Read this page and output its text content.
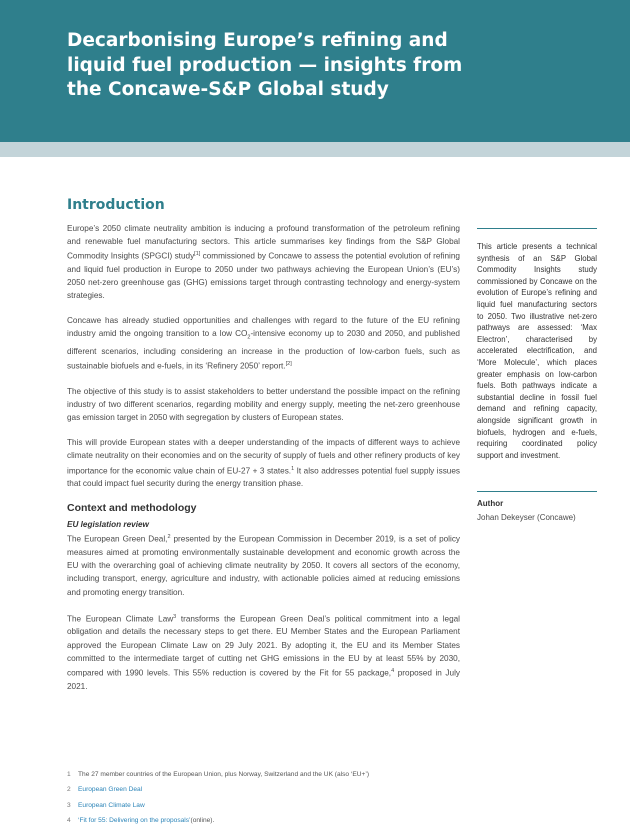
Decarbonising Europe’s refining and liquid fuel production — insights from the Concawe-S&P Global study
Introduction

Europe’s 2050 climate neutrality ambition is inducing a profound transformation of the petroleum refining and renewable fuel manufacturing sectors. This article summarises key findings from the S&P Global Commodity Insights (SPGCI) study[1] commissioned by Concawe to assess the potential evolution of refining and liquid fuel production in Europe to 2050 under two pathways achieving the European Union’s (EU’s) 2050 net-zero greenhouse gas (GHG) emissions target through contrasting technology and energy-system strategies.

Concawe has already studied opportunities and challenges with regard to the future of the EU refining industry amid the ongoing transition to a low $CO_2$-intensive economy up to 2030 and 2050, and published different scenarios, including considering an increase in the production of low-carbon fuels, such as sustainable biofuels and e-fuels, in its ‘Refinery 2050’ report.[2]

The objective of this study is to assist stakeholders to better understand the possible impact on the refining industry of two different scenarios, regarding mobility and energy supply, meeting the net-zero greenhouse gas emission target in 2050 with segregation by clusters of European states.

This will provide European states with a deeper understanding of the impacts of different ways to achieve climate neutrality on their economies and on the security of supply of fuels and other refinery products of key importance for the economic value chain of EU-27 + 3 states.$^1$ It also addresses potential fuel supply issues that could impact fuel security during the energy transition phase.

Context and methodology
EU legislation review

The European Green Deal,$^2$ presented by the European Commission in December 2019, is a set of policy measures aimed at promoting environmentally sustainable development and economic growth across the EU with the overarching goal of achieving climate neutrality by 2050. It covers all sectors of the economy, including transport, energy, agriculture and industry, with actionable policies aimed at reducing emissions and promoting energy transition.

The European Climate Law$^3$ transforms the European Green Deal’s political commitment into a legal obligation and details the necessary steps to get there. EU Member States and the European Parliament approved the European Climate Law on 29 July 2021. By adopting it, the EU and its Member States committed to the intermediate target of cutting net GHG emissions in the EU by at least 55% by 2030, compared with 1990 levels. This 55% reduction is covered by the Fit for 55 package,$^4$ proposed in July 2021.

This article presents a technical synthesis of an S&P Global Commodity Insights study commissioned by Concawe on the evolution of Europe’s refining and liquid fuel manufacturing sectors to 2050. Two illustrative net-zero pathways are assessed: ‘Max Electron’, characterised by accelerated electrification, and ‘More Molecule’, which places greater emphasis on low-carbon fuels. Both pathways indicate a substantial decline in fossil fuel demand and refining capacity, alongside significant growth in biofuels, hydrogen and e-fuels, requiring coordinated policy support and investment.

Author
Johan Dekeyser (Concawe)
1	The 27 member countries of the European Union, plus Norway, Switzerland and the UK (also ‘EU+’)
2	European Green Deal
3	European Climate Law
4	‘Fit for 55: Delivering on the proposals’ (online).
